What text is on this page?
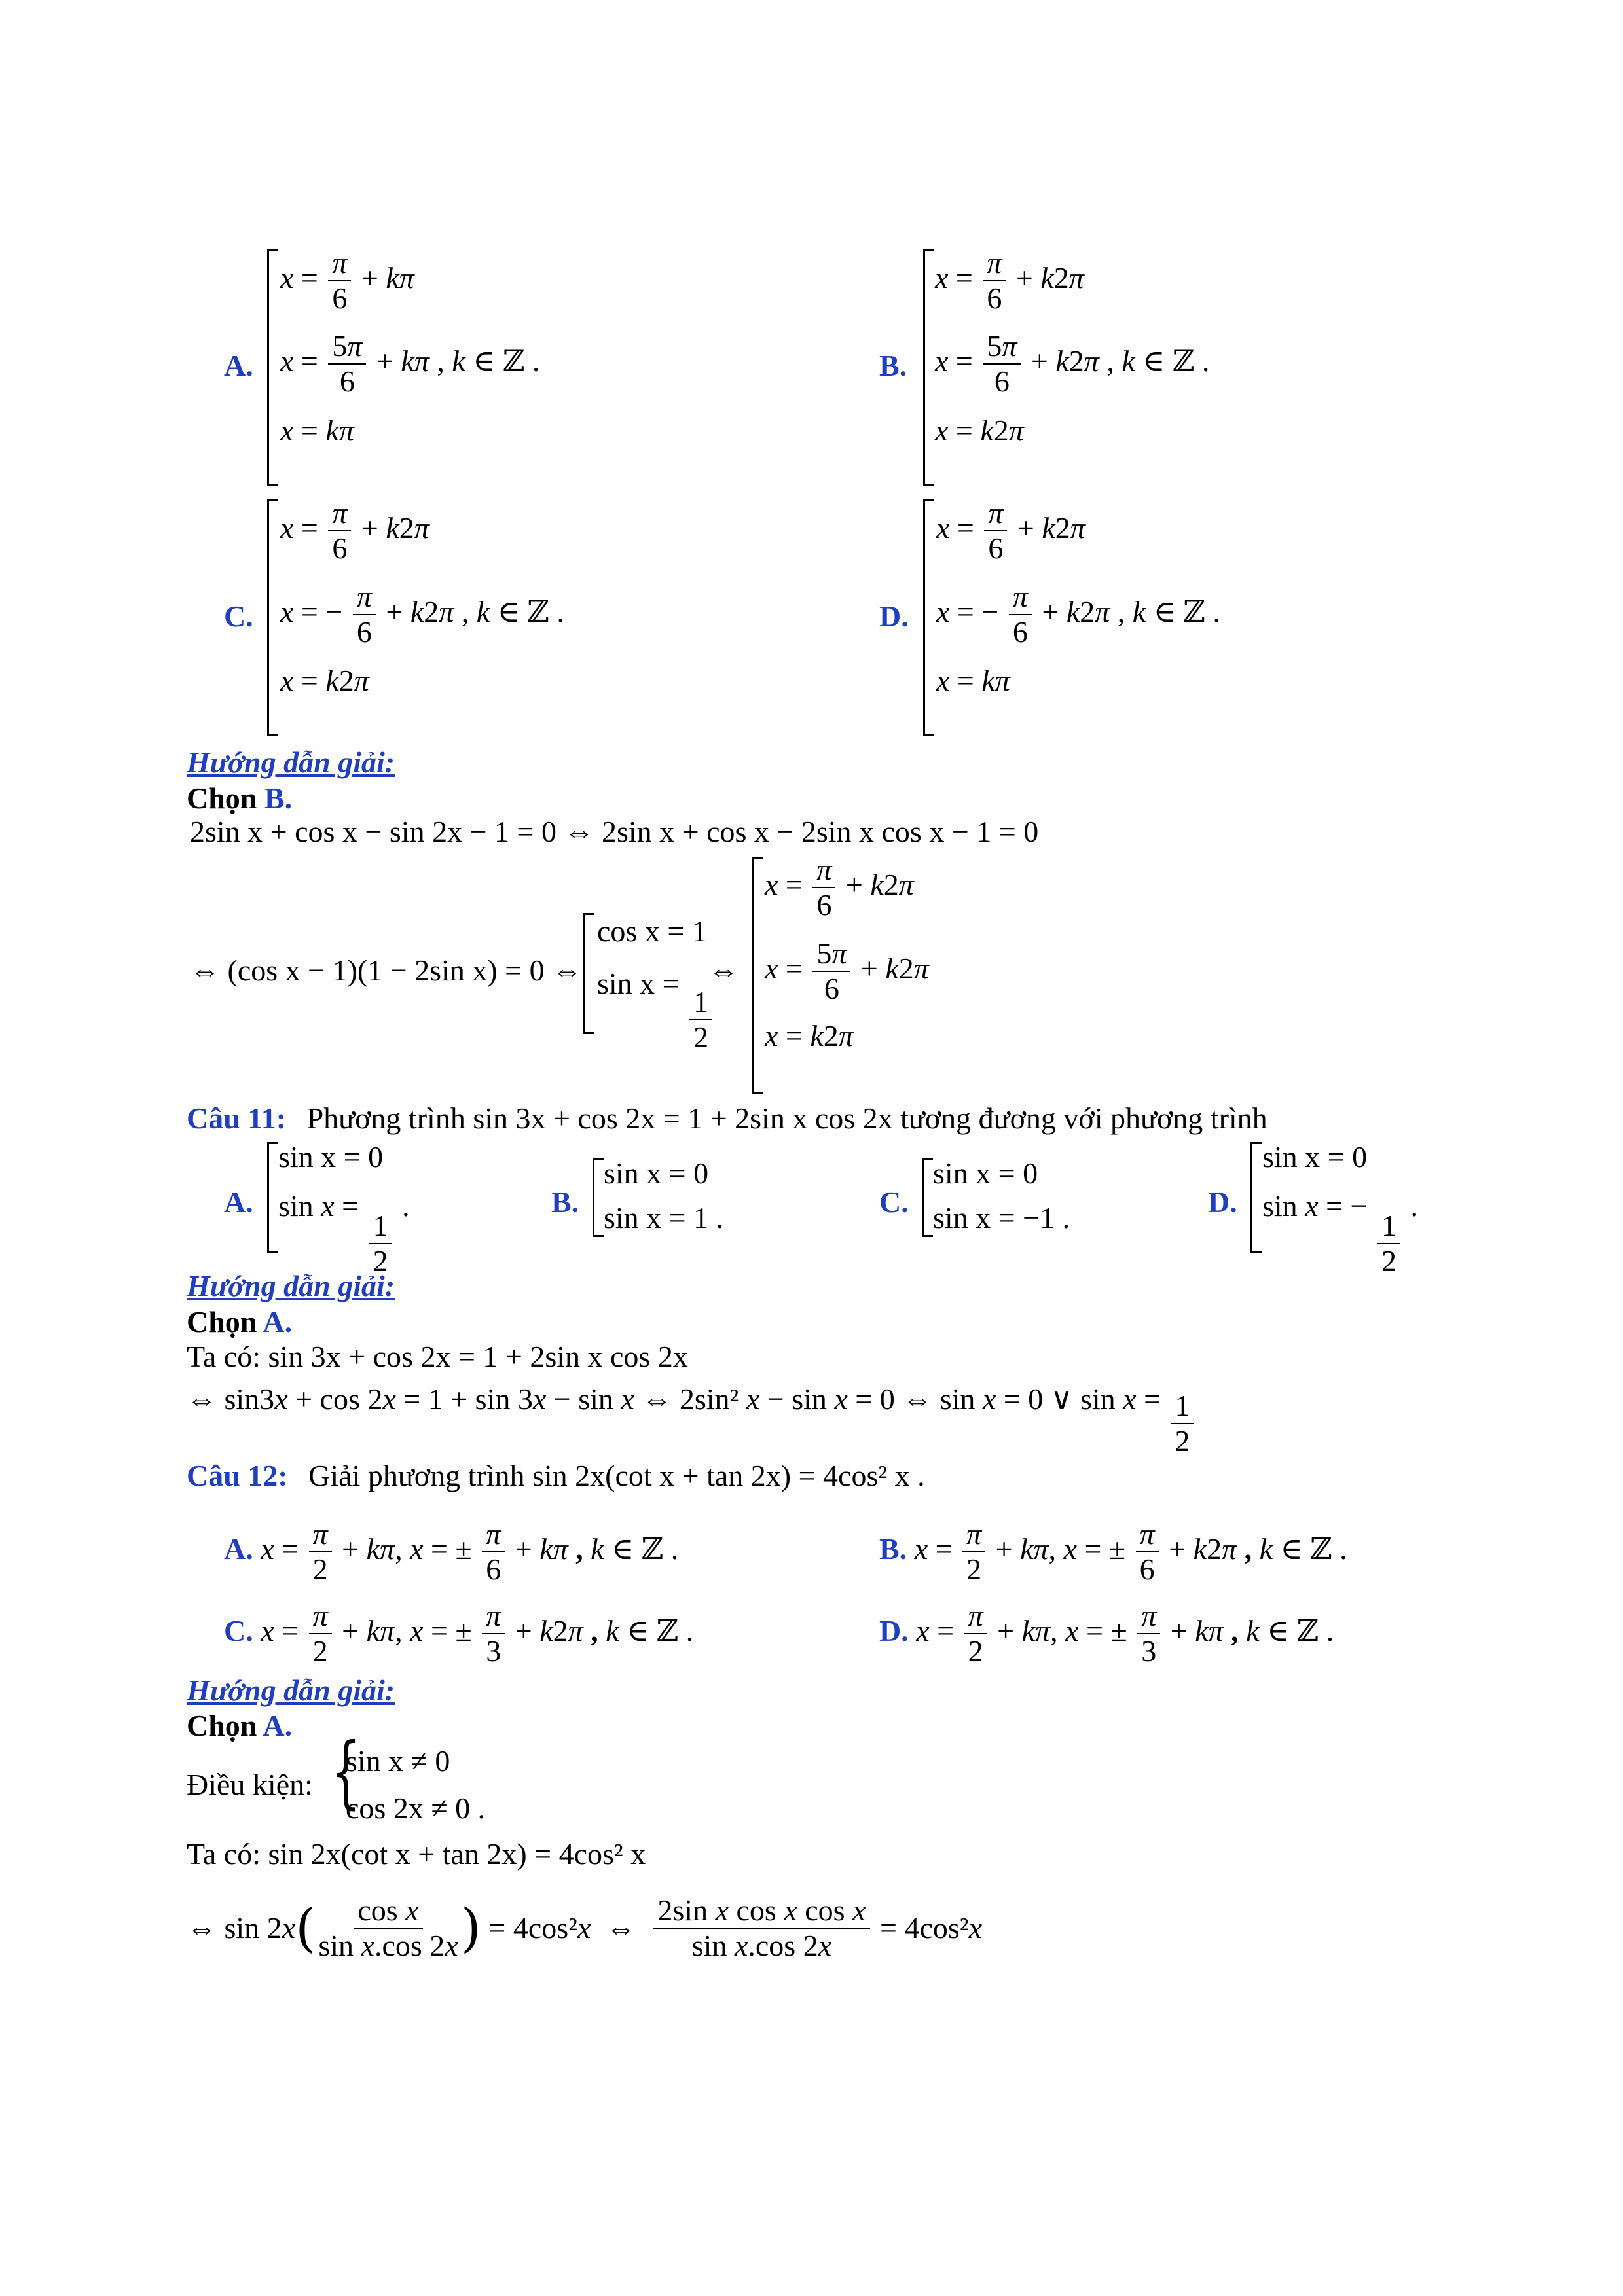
A.
$x = \frac{\pi}{6} + k\pi$
$x = \frac{5\pi}{6} + k\pi$ , k ∈ ℤ .
x = kπ
B.
$x = \frac{\pi}{6} + k2\pi$
$x = \frac{5\pi}{6} + k2\pi$ , k ∈ ℤ .
x = k2π
C.
$x = \frac{\pi}{6} + k2\pi$
x = − $\frac{\pi}{6} + k2\pi$ , k ∈ ℤ .
x = k2π
D.
$x = \frac{\pi}{6} + k2\pi$
x = − $\frac{\pi}{6} + k2\pi$ , k ∈ ℤ .
x = kπ
Hướng dẫn giải:
Chọn B.
2sin x + cos x − sin 2x − 1 = 0 ⇔ 2sin x + cos x − 2sin x cos x − 1 = 0
⇔ (cos x − 1)(1 − 2sin x) = 0 ⇔
cos x = 1
sin x =
$\frac{1}{2}$
⇔
$x = \frac{\pi}{6} + k2\pi$
$x = \frac{5\pi}{6} + k2\pi$
x = k2π
Câu 11: Phương trình sin 3x + cos 2x = 1 + 2sin x cos 2x tương đương với phương trình
A.
sin x = 0
sin x =
$\frac{1}{2}$
.	B.
sin x = 0
sin x = 1 .	C.
sin x = 0
sin x = −1 .	D.
sin x = 0
sin x = −
$\frac{1}{2}$
.
Hướng dẫn giải:
Chọn A.
Ta có: sin 3x + cos 2x = 1 + 2sin x cos 2x
⇔ sin3x + cos 2x = 1 + sin 3x − sin x ⇔ 2sin² x − sin x = 0 ⇔ sin x = 0 ∨ $\sin x = \frac{1}{2}$
Câu 12: Giải phương trình sin 2x(cot x + tan 2x) = 4cos² x .
A. $x = \frac{\pi}{2} + k\pi$, x = ± $\frac{\pi}{6} + k\pi$ , k ∈ ℤ .	B. $x = \frac{\pi}{2} + k\pi$, x = ± $\frac{\pi}{6} + k2\pi$ , k ∈ ℤ .
C. $x = \frac{\pi}{2} + k\pi$, x = ± $\frac{\pi}{3} + k2\pi$ , k ∈ ℤ .	D. $x = \frac{\pi}{2} + k\pi$, x = ± $\frac{\pi}{3} + k\pi$ , k ∈ ℤ .
Hướng dẫn giải:
Chọn A.
Điều kiện: {
sin x ≠ 0
cos 2x ≠ 0 .
Ta có: sin 2x(cot x + tan 2x) = 4cos² x
⇔ sin 2 x ( $\frac{\text{cos x}}{\text{sin x.cos 2x}}$ ) = 4cos² x ⇔ $\frac{\text{2sin x cos x cos x}}{\text{sin x.cos 2x}} = 4\cos^2$ x
